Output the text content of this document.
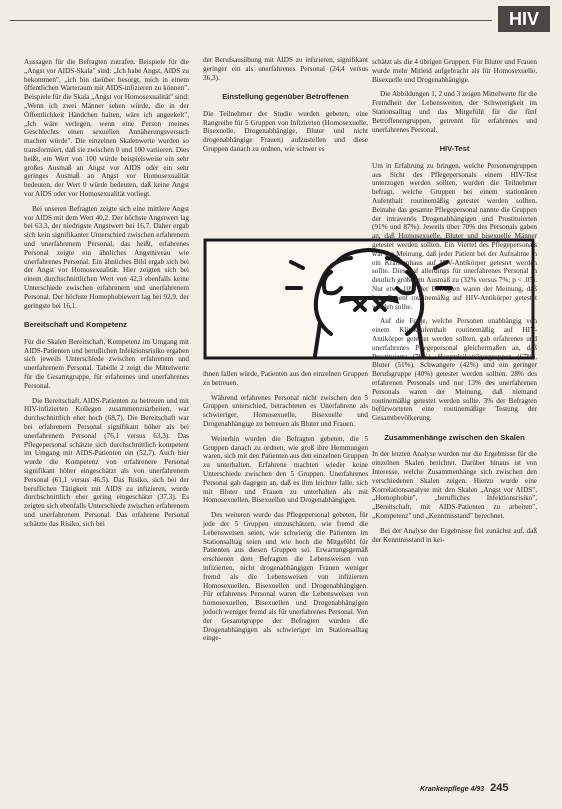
HIV

Aussagen für die Befragten zutrafen. Beispiele für die „Angst vor AIDS-Skala" sind: „Ich habe Angst, AIDS zu bekommen", „ich bin darüber besorgt, mich in einem öffentlichen Warteraum mit AIDS-infizieren zu können". Beispiele für die Skala „Angst vor Homosexualität" sind: „Wenn ich zwei Männer sehen würde, die in der Öffentlichkeit Händchen halten, wäre ich angeekelt", „Ich wäre verlegen, wenn eine Person meines Geschlechts einen sexuellen Annäherungsversuch machen würde". Die einzelnen Skalenwerte wurden so transformiert, daß sie zwischen 0 und 100 variieren. Dies heißt, ein Wert von 100 würde beispielsweise ein sehr großes Ausmaß an Angst vor AIDS oder ein sehr geringes Ausmaß an Angst vor Homosexualität bedeuten, der Wert 0 würde bedeuten, daß keine Angst vor AIDS oder vor Homosexualität vorliegt.

Bei unseren Befragten zeigte sich eine mittlere Angst vor AIDS mit dem Wert 40,2. Der höchste Angstwert lag bei 63,3, der niedrigste Angstwert bei 16,7. Daher ergab sich kein signifikanter Unterschied zwischen erfahrenem und unerfahrenem Personal, das heißt, erfahrenes Personal zeigte ein ähnliches Angstniveau wie unerfahrenes Personal. Ein ähnliches Bild ergab sich bei der Angst vor Homosexualität. Hier zeigten sich bei einem durchschnittlichen Wert von 42,3 ebenfalls keine Unterschiede zwischen erfahrenem und unerfahrenem Personal. Der höchste Homophobiewert lag bei 92,9, der geringste bei 16,1.

Bereitschaft und Kompetenz

Für die Skalen Bereitschaft, Kompetenz im Umgang mit AIDS-Patienten und beruflichen Infektionsrisiko ergaben sich jeweils Unterschiede zwischen erfahrenem und unerfahrenem Personal. Tabelle 2 zeigt die Mittelwerte für die Gesamtgruppe, für erfahrenes und unerfahrenes Personal.

Die Bereitschaft, AIDS-Patienten zu betreuen und mit HIV-infizierten Kollegen zusammenzuarbeiten, war durchschnittlich eher hoch (68,7). Die Bereitschaft war bei erfahrenem Personal signifikant höher als bei unerfahrenem Personal (76,1 versus 63,3). Das Pflegepersonal schätzte sich durchschnittlich kompetent im Umgang mit AIDS-Patienten ein (52,7). Auch hier wurde die Kompetenz von erfahrenere Personal signifikant höher eingeschätzt als von unerfahrenem Personal (61,1 versus 46,5). Das Risiko, sich bei der beruflichen Tätigkeit mit AIDS zu infizieren, wurde durchschnittlich eher gering eingeschätzt (37,3). Es zeigten sich ebenfalls Unterschiede zwischen erfahrenem und unerfahrenem Personal. Das erfahrene Personal schätzte das Risiko, sich bei

der Berufsausübung mit AIDS zu infizieren, signifikant geringer ein als unerfahrenes Personal (24,4 versus 36,3).

Einstellung gegenüber Betroffenen

Die Teilnehmer der Studie wurden gebeten, eine Rangreihe für 5 Gruppen von Infizierten (Homosexuelle, Bisexuelle, Drogenabhängige, Bluter und nicht drogenabhängige Frauen) aufzustellen und diese Gruppen danach zu ordnen, wie schwer es

ihnen fallen würde, Patienten aus den einzelnen Gruppen zu betreuen.

Während erfahrenes Personal nicht zwischen den 5 Gruppen unterschied, betrachteten es Unerfahrene als schwieriger, Homosexuelle, Bisexuelle und Drogenabhängige zu betreuen als Bluter und Frauen.

Weiterhin wurden die Befragten gebeten, die 5 Gruppen danach zu ordnen, wie groß ihre Hemmungen waren, sich mit den Patienten aus den einzelnen Gruppen zu unterhalten. Erfahrene machten wieder keine Unterschiede zwischen den 5 Gruppen. Unerfahrenes Personal gab dagegen an, daß es ihm leichter falle, sich mit Bluter und Frauen zu unterhalten als mit Homosexuellen, Bisexuellen und Drogenabhängigen.

Des weiteren wurde das Pflegepersonal gebeten, für jede der 5 Gruppen einzuschätzen, wie fremd die Lebensweisen seien, wie schwierig die Patienten im Stationsalltag seien und wie hoch die Mitgefühl für Patienten aus diesen Gruppen sei. Erwartungsgemäß erschienen dem Befragten die Lebensweisen von infizierten, nicht drogenabhängigen Frauen weniger fremd als die Lebensweisen von infizierten Homosexuellen, Bisexuellen und Drogenabhängigen. Für erfahrenes Personal waren die Lebensweisen von homosexuellen, Bisexuellen und Drogenabhängigen jedoch weniger fremd als für unerfahrenes Personal. Von der Gesamtgruppe der Befragten wurden die Drogenabhängigen als schwieriger im Stationsalltag einge-

schätzt als die 4 übrigen Gruppen. Für Bluter und Frauen wurde mehr Mitleid aufgebracht als für Homosexuelle, Bisexuelle und Drogenabhängige.

Die Abbildungen 1, 2 und 3 zeigen Mittelwerte für die Fremdheit der Lebensweiten, der Schwierigkeit im Stationsalltag und das Mitgefühl für die fünf Betroffenengruppen, getrennt für erfahrenes und unerfahrenes Personal.

HIV-Test

Um in Erfahrung zu bringen, welche Personengruppen aus Sicht des Pflegepersonals einem HIV-Test unterzogen werden sollten, wurden die Teilnehmer befragt, welche Gruppen bei einem stationären Aufenthalt routinemäßig getestet werden sollten. Beinahe das gesamte Pflegepersonal nannte die Gruppen der intravenös Drogenabhängigen und Prostituierten (91% und 87%). Jeweils über 70% des Personals gaben an, daß Homosexuelle, Bluter und bisexuelle Männer getestet werden sollten. Ein Viertel des Pflegepersonals war der Meinung, daß jeder Patient bei der Aufnahme in ein Krankenhaus auf HIV-Antikörper getestet werden sollte. Dies traf allerdings für unerfahrenes Personal in deutlich größerem Ausmaß zu (32% versus 7%; p < .05). Nur etwa 10% der Befragten waren der Meinung, daß kein Patient routinemäßig auf HIV-Antikörper getestet werden sollte.

Auf die Frage, welche Personen unabhängig von einem Klinikaufenthalt routinemäßig auf HIV-Antikörper getestet werden sollten, gab erfahrenes und unerfahrenes Pflegepersonal gleichermaßen an, daß Prostituierte (76%), Hauptrisikoträgergruppen (67%), Bluter (51%), Schwangere (42%) und ein geringer Berufsgruppe (40%) getestet werden sollten. 28% des erfahrenen Personals und nur 13% des unerfahrenen Personals waren der Meinung, daß niemand routinemäßig getestet werden sollte. 3% der Befragten befürworteten eine routinemäßige Testung der Gesamtbevölkerung.

Zusammenhänge zwischen den Skalen

In der letzten Analyse wurden nur die Ergebnisse für die einzelnen Skalen berichtet. Darüber hinaus ist von Interesse, welche Zusammenhänge sich zwischen den verschiedenen Skalen zeigen. Hierzu wurde eine Korrelationsanalyse mit den Skalen „Angst vor AIDS", „Homophobie", „berufliches Infektionsrisiko", „Bereitschaft, mit AIDS-Patienten zu arbeiten", „Kompetenz" und „Kenntnisstand" berechnet.

Bei der Analyse der Ergebnisse fiel zunächst auf, daß der Kenntnisstand in kei-

Krankenpflege 4/93 245
